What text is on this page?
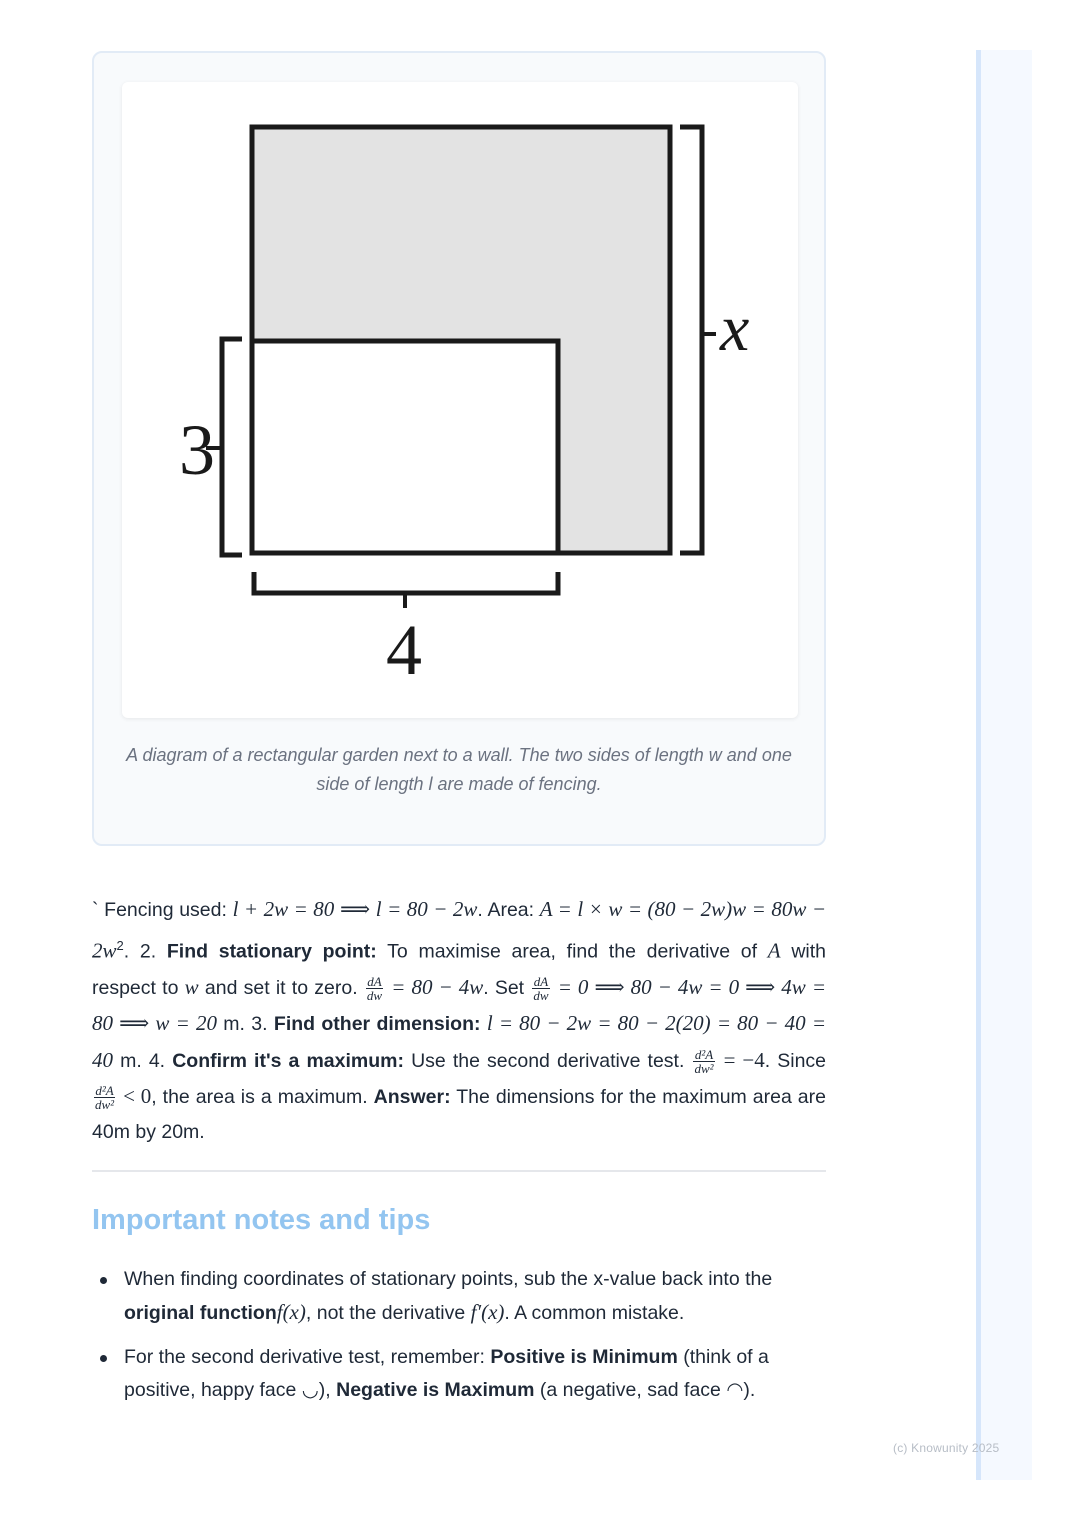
3
4
x
A diagram of a rectangular garden next to a wall. The two sides of length w and one side of length l are made of fencing.
` Fencing used: l + 2w = 80 ⟹ l = 80 − 2w. Area: $A = l \times w = (80 - 2w)w = 80w - 2w^2$. 2. Find stationary point: To maximise area, find the derivative of A with respect to w and set it to zero. $\frac{dA}{dw} = 80 - 4w$. Set $\frac{dA}{dw} = 0$ ⟹ 80 − 4w = 0 ⟹ 4w = 80 ⟹ w = 20 m. 3. Find other dimension: l = 80 − 2w = 80 − 2(20) = 80 − 40 = 40 m. 4. Confirm it's a maximum: Use the second derivative test. $\frac{\text{d²A}}{\text{dw²}} = -4$. Since
$\frac{\text{d²A}}{\text{dw²}} < 0$, the area is a maximum. Answer: The dimensions for the maximum area are 40m by 20m.
Important notes and tips
When finding coordinates of stationary points, sub the x-value back into the original functionf(x), not the derivative f′(x). A common mistake.
For the second derivative test, remember: Positive is Minimum (think of a positive, happy face ◡), Negative is Maximum (a negative, sad face ◠).
(c) Knowunity 2025
